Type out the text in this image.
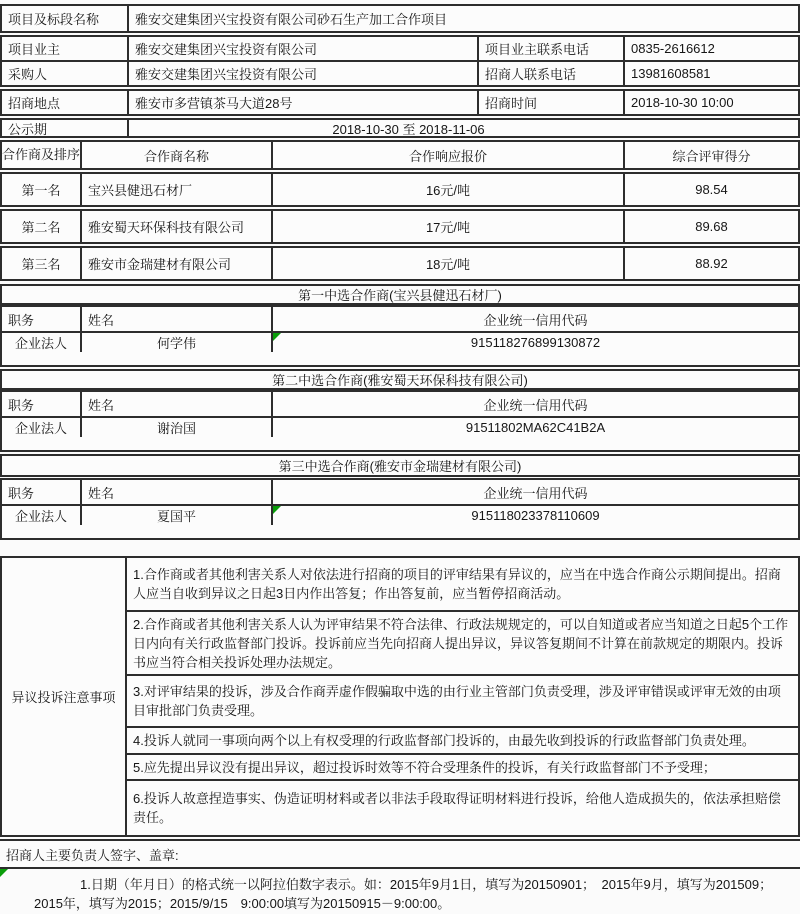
项目及标段名称	雅安交建集团兴宝投资有限公司砂石生产加工合作项目
项目业主	雅安交建集团兴宝投资有限公司	项目业主联系电话	0835-2616612
采购人	雅安交建集团兴宝投资有限公司	招商人联系电话	13981608581
招商地点	雅安市多营镇茶马大道28号	招商时间	2018-10-30 10:00
公示期	2018-10-30 至 2018-11-06
合作商及排序	合作商名称	合作响应报价	综合评审得分
第一名	宝兴县健迅石材厂	16元/吨	98.54
第二名	雅安蜀天环保科技有限公司	17元/吨	89.68
第三名	雅安市金瑞建材有限公司	18元/吨	88.92
第一中选合作商(宝兴县健迅石材厂)
职务	姓名	企业统一信用代码
企业法人	何学伟	915118276899130872
第二中选合作商(雅安蜀天环保科技有限公司)
职务	姓名	企业统一信用代码
企业法人	谢治国	91511802MA62C41B2A
第三中选合作商(雅安市金瑞建材有限公司)
职务	姓名	企业统一信用代码
企业法人	夏国平	915118023378110609
异议投诉注意事项
1.合作商或者其他利害关系人对依法进行招商的项目的评审结果有异议的，应当在中选合作商公示期间提出。招商人应当自收到异议之日起3日内作出答复；作出答复前，应当暂停招商活动。
2.合作商或者其他利害关系人认为评审结果不符合法律、行政法规规定的，可以自知道或者应当知道之日起5个工作日内向有关行政监督部门投诉。投诉前应当先向招商人提出异议，异议答复期间不计算在前款规定的期限内。投诉书应当符合相关投诉处理办法规定。
3.对评审结果的投诉，涉及合作商弄虚作假骗取中选的由行业主管部门负责受理，涉及评审错误或评审无效的由项目审批部门负责受理。
4.投诉人就同一事项向两个以上有权受理的行政监督部门投诉的，由最先收到投诉的行政监督部门负责处理。
5.应先提出异议没有提出异议，超过投诉时效等不符合受理条件的投诉，有关行政监督部门不予受理；
6.投诉人故意捏造事实、伪造证明材料或者以非法手段取得证明材料进行投诉，给他人造成损失的，依法承担赔偿责任。
招商人主要负责人签字、盖章:
1.日期（年月日）的格式统一以阿拉伯数字表示。如：2015年9月1日，填写为20150901；　2015年9月，填写为201509；2015年，填写为2015；2015/9/15　9:00:00填写为20150915－9:00:00。
